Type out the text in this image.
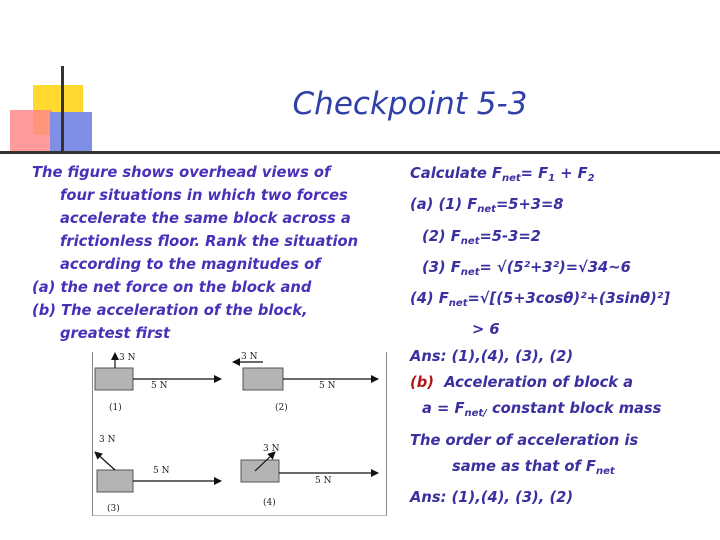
Checkpoint 5-3

The figure shows overhead views of
four situations in which two forces
accelerate the same block across a
frictionless floor. Rank the situation
according to the magnitudes of

(a) the net force on the block and

(b) The acceleration of the block,
greatest first

3 N
5 N
(1)
3 N
5 N
(2)
3 N
5 N
(3)
3 N
5 N
(4)
Calculate $F_{net}= F_1 + F_2$
(a) (1) $F_{net}=5+3=8$
(2) $F_{net}=5-3=2$
(3) $F_{net}=$ √(5²+3²)=√34~6
(4) $F_{net}=√[(5+3\cos\theta)^2+(3\sin\theta)^2]$
> 6
Ans: (1),(4), (3), (2)
(b) Acceleration of block a
$a = F_{net/}$ constant block mass
The order of acceleration is
same as that of $F_{net}$
Ans: (1),(4), (3), (2)
